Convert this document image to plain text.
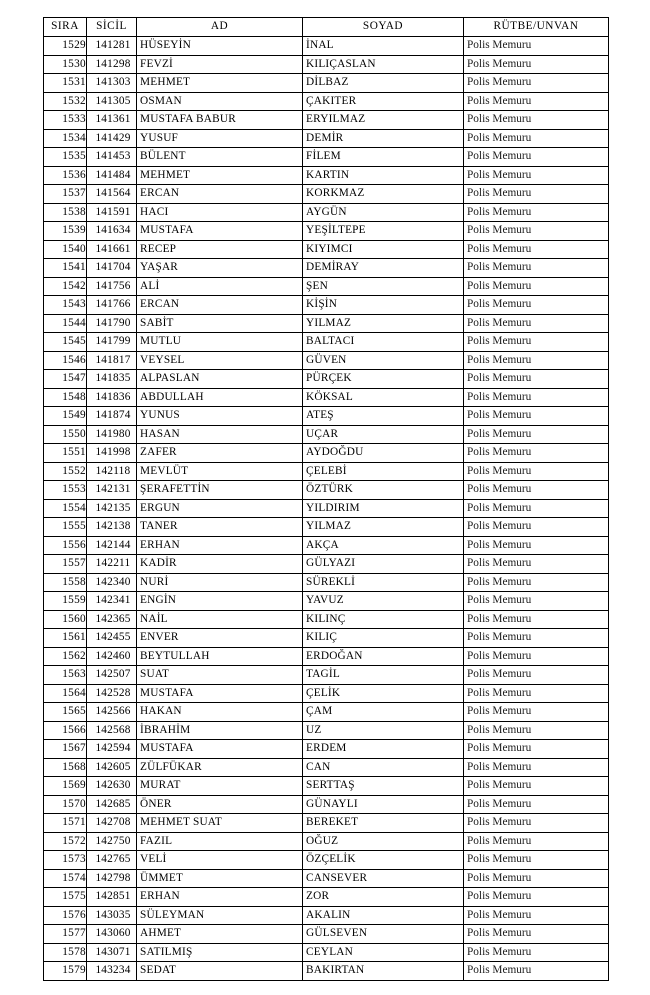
SIRA	SİCİL	AD	SOYAD	RÜTBE/UNVAN
1529	141281	HÜSEYİN	İNAL	Polis Memuru
1530	141298	FEVZİ	KILIÇASLAN	Polis Memuru
1531	141303	MEHMET	DİLBAZ	Polis Memuru
1532	141305	OSMAN	ÇAKITER	Polis Memuru
1533	141361	MUSTAFA BABUR	ERYILMAZ	Polis Memuru
1534	141429	YUSUF	DEMİR	Polis Memuru
1535	141453	BÜLENT	FİLEM	Polis Memuru
1536	141484	MEHMET	KARTIN	Polis Memuru
1537	141564	ERCAN	KORKMAZ	Polis Memuru
1538	141591	HACI	AYGÜN	Polis Memuru
1539	141634	MUSTAFA	YEŞİLTEPE	Polis Memuru
1540	141661	RECEP	KIYIMCI	Polis Memuru
1541	141704	YAŞAR	DEMİRAY	Polis Memuru
1542	141756	ALİ	ŞEN	Polis Memuru
1543	141766	ERCAN	KİŞİN	Polis Memuru
1544	141790	SABİT	YILMAZ	Polis Memuru
1545	141799	MUTLU	BALTACI	Polis Memuru
1546	141817	VEYSEL	GÜVEN	Polis Memuru
1547	141835	ALPASLAN	PÜRÇEK	Polis Memuru
1548	141836	ABDULLAH	KÖKSAL	Polis Memuru
1549	141874	YUNUS	ATEŞ	Polis Memuru
1550	141980	HASAN	UÇAR	Polis Memuru
1551	141998	ZAFER	AYDOĞDU	Polis Memuru
1552	142118	MEVLÜT	ÇELEBİ	Polis Memuru
1553	142131	ŞERAFETTİN	ÖZTÜRK	Polis Memuru
1554	142135	ERGUN	YILDIRIM	Polis Memuru
1555	142138	TANER	YILMAZ	Polis Memuru
1556	142144	ERHAN	AKÇA	Polis Memuru
1557	142211	KADİR	GÜLYAZI	Polis Memuru
1558	142340	NURİ	SÜREKLİ	Polis Memuru
1559	142341	ENGİN	YAVUZ	Polis Memuru
1560	142365	NAİL	KILINÇ	Polis Memuru
1561	142455	ENVER	KILIÇ	Polis Memuru
1562	142460	BEYTULLAH	ERDOĞAN	Polis Memuru
1563	142507	SUAT	TAGİL	Polis Memuru
1564	142528	MUSTAFA	ÇELİK	Polis Memuru
1565	142566	HAKAN	ÇAM	Polis Memuru
1566	142568	İBRAHİM	UZ	Polis Memuru
1567	142594	MUSTAFA	ERDEM	Polis Memuru
1568	142605	ZÜLFÜKAR	CAN	Polis Memuru
1569	142630	MURAT	SERTTAŞ	Polis Memuru
1570	142685	ÖNER	GÜNAYLI	Polis Memuru
1571	142708	MEHMET SUAT	BEREKET	Polis Memuru
1572	142750	FAZIL	OĞUZ	Polis Memuru
1573	142765	VELİ	ÖZÇELİK	Polis Memuru
1574	142798	ÜMMET	CANSEVER	Polis Memuru
1575	142851	ERHAN	ZOR	Polis Memuru
1576	143035	SÜLEYMAN	AKALIN	Polis Memuru
1577	143060	AHMET	GÜLSEVEN	Polis Memuru
1578	143071	SATILMIŞ	CEYLAN	Polis Memuru
1579	143234	SEDAT	BAKIRTAN	Polis Memuru
